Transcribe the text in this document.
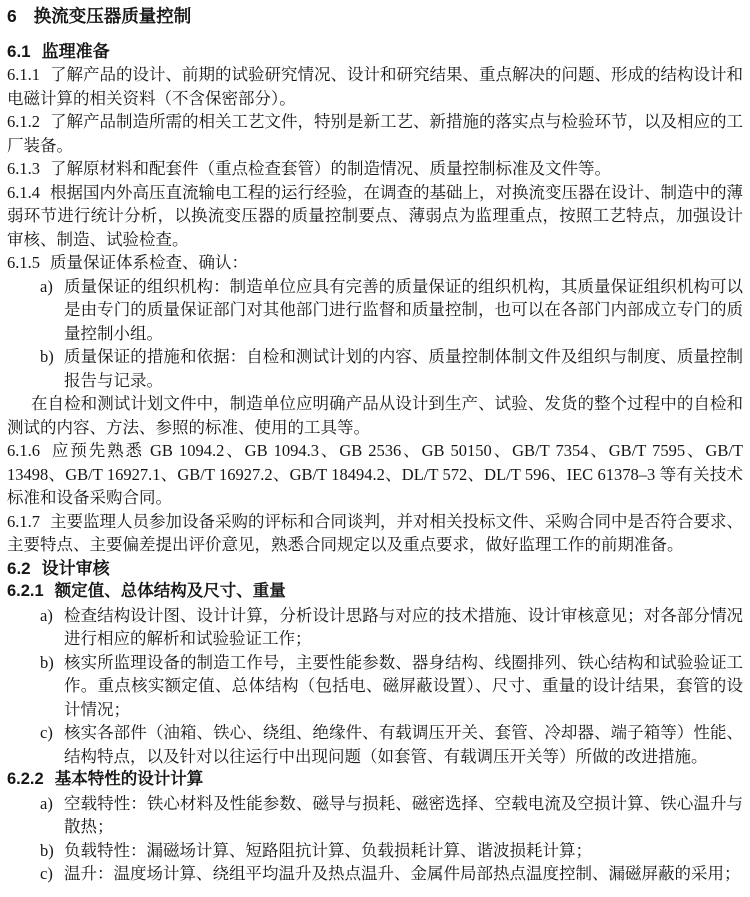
6 换流变压器质量控制
6.1 监理准备
6.1.1 了解产品的设计、前期的试验研究情况、设计和研究结果、重点解决的问题、形成的结构设计和电磁计算的相关资料（不含保密部分）。
6.1.2 了解产品制造所需的相关工艺文件，特别是新工艺、新措施的落实点与检验环节，以及相应的工厂装备。
6.1.3 了解原材料和配套件（重点检查套管）的制造情况、质量控制标准及文件等。
6.1.4 根据国内外高压直流输电工程的运行经验，在调查的基础上，对换流变压器在设计、制造中的薄弱环节进行统计分析，以换流变压器的质量控制要点、薄弱点为监理重点，按照工艺特点，加强设计审核、制造、试验检查。
6.1.5 质量保证体系检查、确认：
a) 质量保证的组织机构：制造单位应具有完善的质量保证的组织机构，其质量保证组织机构可以是由专门的质量保证部门对其他部门进行监督和质量控制，也可以在各部门内部成立专门的质量控制小组。
b) 质量保证的措施和依据：自检和测试计划的内容、质量控制体制文件及组织与制度、质量控制报告与记录。
在自检和测试计划文件中，制造单位应明确产品从设计到生产、试验、发货的整个过程中的自检和测试的内容、方法、参照的标准、使用的工具等。
6.1.6 应预先熟悉 GB 1094.2、GB 1094.3、GB 2536、GB 50150、GB/T 7354、GB/T 7595、GB/T 13498、GB/T 16927.1、GB/T 16927.2、GB/T 18494.2、DL/T 572、DL/T 596、IEC 61378–3 等有关技术标准和设备采购合同。
6.1.7 主要监理人员参加设备采购的评标和合同谈判，并对相关投标文件、采购合同中是否符合要求、主要特点、主要偏差提出评价意见，熟悉合同规定以及重点要求，做好监理工作的前期准备。
6.2 设计审核
6.2.1 额定值、总体结构及尺寸、重量
a) 检查结构设计图、设计计算，分析设计思路与对应的技术措施、设计审核意见；对各部分情况进行相应的解析和试验验证工作；
b) 核实所监理设备的制造工作号，主要性能参数、器身结构、线圈排列、铁心结构和试验验证工作。重点核实额定值、总体结构（包括电、磁屏蔽设置）、尺寸、重量的设计结果，套管的设计情况；
c) 核实各部件（油箱、铁心、绕组、绝缘件、有载调压开关、套管、冷却器、端子箱等）性能、结构特点，以及针对以往运行中出现问题（如套管、有载调压开关等）所做的改进措施。
6.2.2 基本特性的设计计算
a) 空载特性：铁心材料及性能参数、磁导与损耗、磁密选择、空载电流及空损计算、铁心温升与散热；
b) 负载特性：漏磁场计算、短路阻抗计算、负载损耗计算、谐波损耗计算；
c) 温升：温度场计算、绕组平均温升及热点温升、金属件局部热点温度控制、漏磁屏蔽的采用；
